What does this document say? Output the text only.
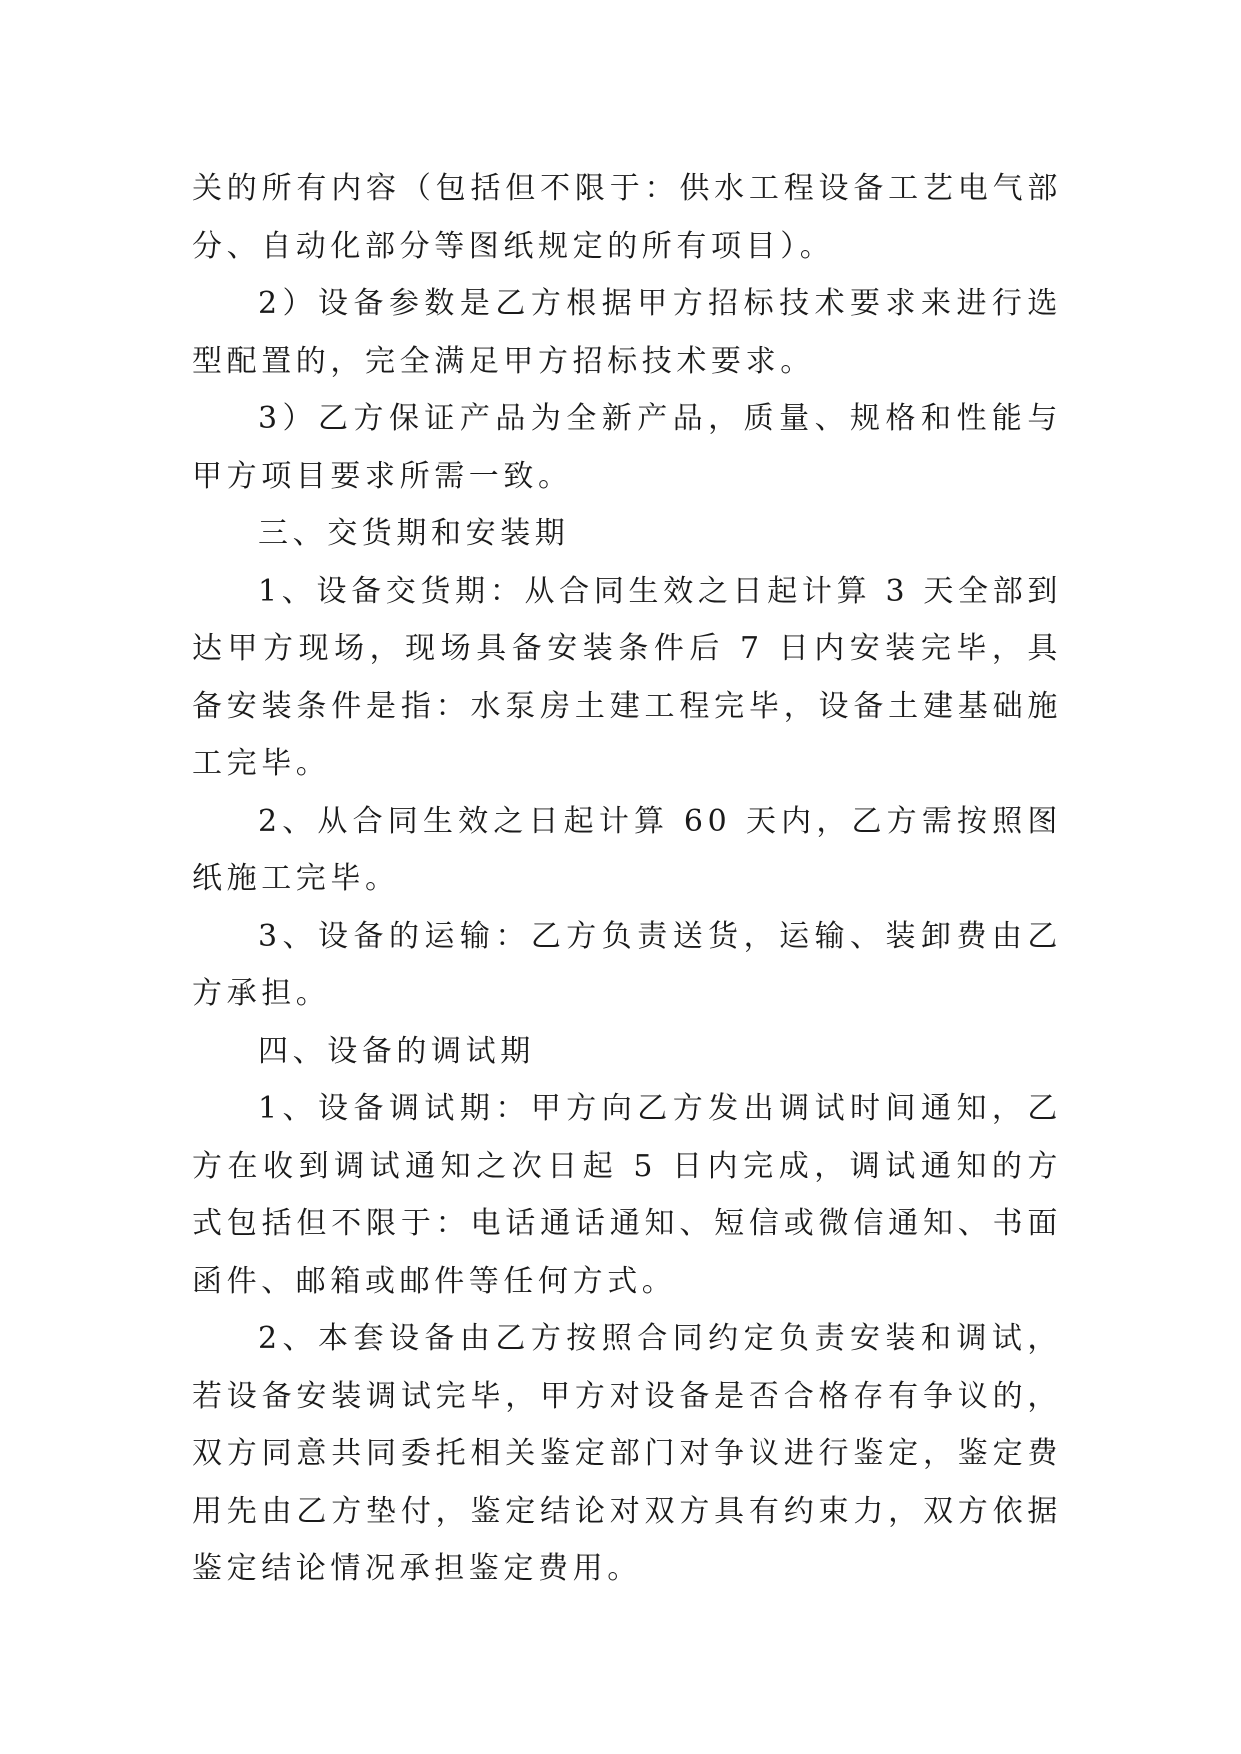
关的所有内容（包括但不限于：供水工程设备工艺电气部分、自动化部分等图纸规定的所有项目）。

2）设备参数是乙方根据甲方招标技术要求来进行选型配置的，完全满足甲方招标技术要求。

3）乙方保证产品为全新产品，质量、规格和性能与甲方项目要求所需一致。

三、交货期和安装期

1、设备交货期：从合同生效之日起计算 3 天全部到达甲方现场，现场具备安装条件后 7 日内安装完毕，具备安装条件是指：水泵房土建工程完毕，设备土建基础施工完毕。

2、从合同生效之日起计算 60 天内，乙方需按照图纸施工完毕。

3、设备的运输：乙方负责送货，运输、装卸费由乙方承担。

四、设备的调试期

1、设备调试期：甲方向乙方发出调试时间通知，乙方在收到调试通知之次日起 5 日内完成，调试通知的方式包括但不限于：电话通话通知、短信或微信通知、书面函件、邮箱或邮件等任何方式。

2、本套设备由乙方按照合同约定负责安装和调试，若设备安装调试完毕，甲方对设备是否合格存有争议的，双方同意共同委托相关鉴定部门对争议进行鉴定，鉴定费用先由乙方垫付，鉴定结论对双方具有约束力，双方依据鉴定结论情况承担鉴定费用。
